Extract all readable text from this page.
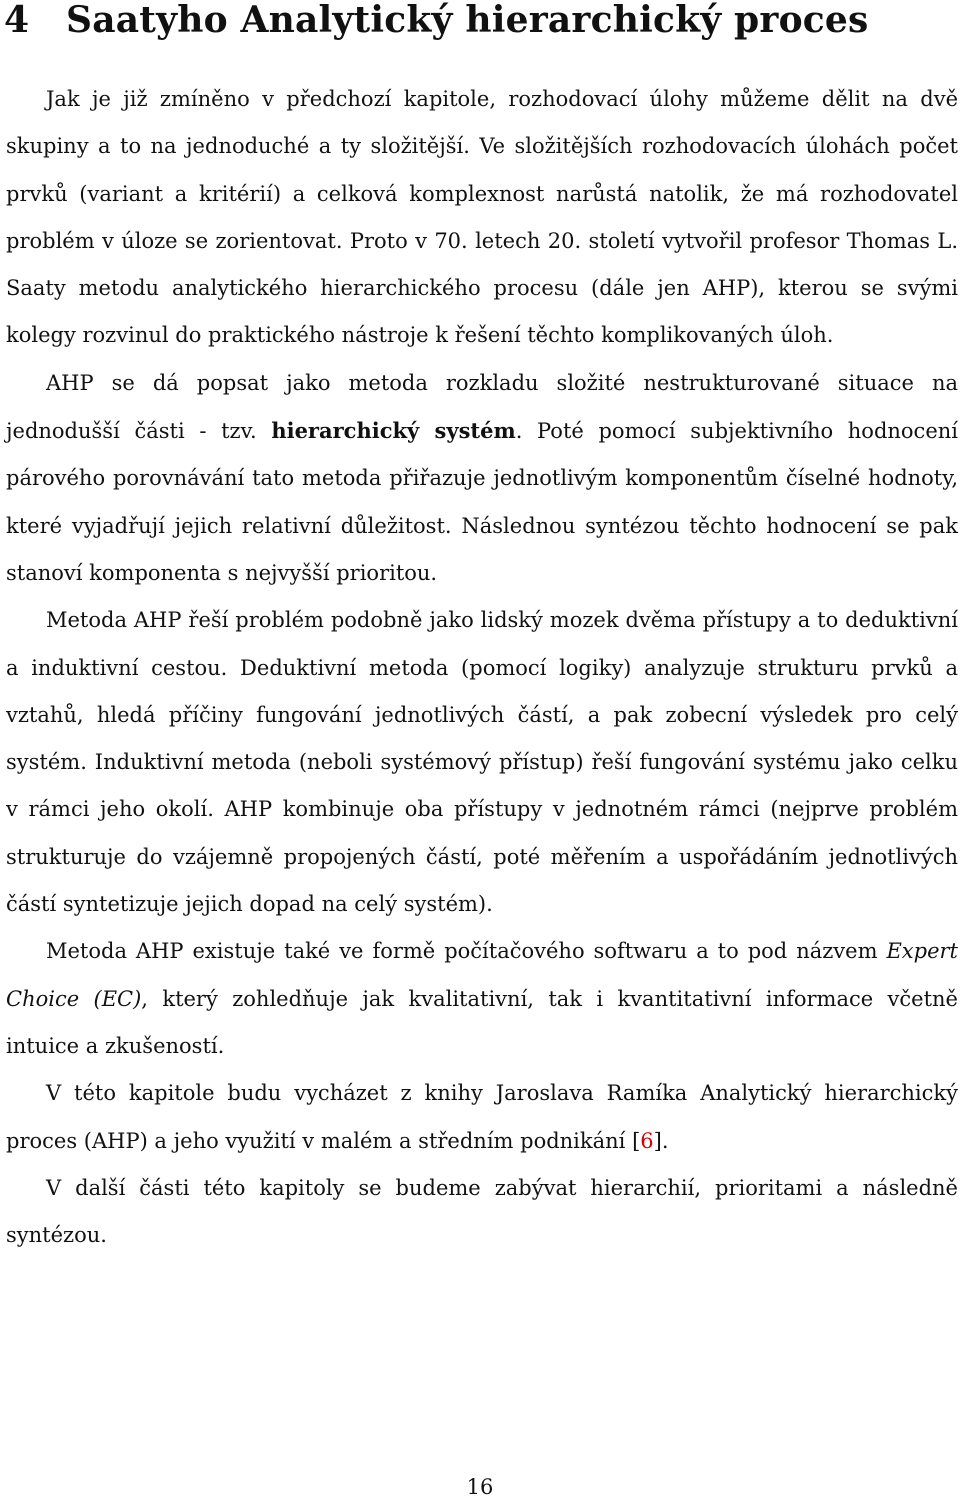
4 Saatyho Analytický hierarchický proces

Jak je již zmíněno v předchozí kapitole, rozhodovací úlohy můžeme dělit na dvě skupiny a to na jednoduché a ty složitější. Ve složitějších rozhodovacích úlohách počet prvků (variant a kritérií) a celková komplexnost narůstá natolik, že má rozhodovatel problém v úloze se zorientovat. Proto v 70. letech 20. století vytvořil profesor Thomas L. Saaty metodu analytického hierarchického procesu (dále jen AHP), kterou se svými kolegy rozvinul do praktického nástroje k řešení těchto komplikovaných úloh.

AHP se dá popsat jako metoda rozkladu složité nestrukturované situace na jednodušší části - tzv. hierarchický systém. Poté pomocí subjektivního hodnocení párového porovnávání tato metoda přiřazuje jednotlivým komponentům číselné hodnoty, které vyjadřují jejich relativní důležitost. Následnou syntézou těchto hodnocení se pak stanoví komponenta s nejvyšší prioritou.

Metoda AHP řeší problém podobně jako lidský mozek dvěma přístupy a to deduktivní a induktivní cestou. Deduktivní metoda (pomocí logiky) analyzuje strukturu prvků a vztahů, hledá příčiny fungování jednotlivých částí, a pak zobecní výsledek pro celý systém. Induktivní metoda (neboli systémový přístup) řeší fungování systému jako celku v rámci jeho okolí. AHP kombinuje oba přístupy v jednotném rámci (nejprve problém strukturuje do vzájemně propojených částí, poté měřením a uspořádáním jednotlivých částí syntetizuje jejich dopad na celý systém).

Metoda AHP existuje také ve formě počítačového softwaru a to pod názvem Expert Choice (EC), který zohledňuje jak kvalitativní, tak i kvantitativní informace včetně intuice a zkušeností.

V této kapitole budu vycházet z knihy Jaroslava Ramíka Analytický hierarchický proces (AHP) a jeho využití v malém a středním podnikání [6].

V další části této kapitoly se budeme zabývat hierarchií, prioritami a následně syntézou.

16
